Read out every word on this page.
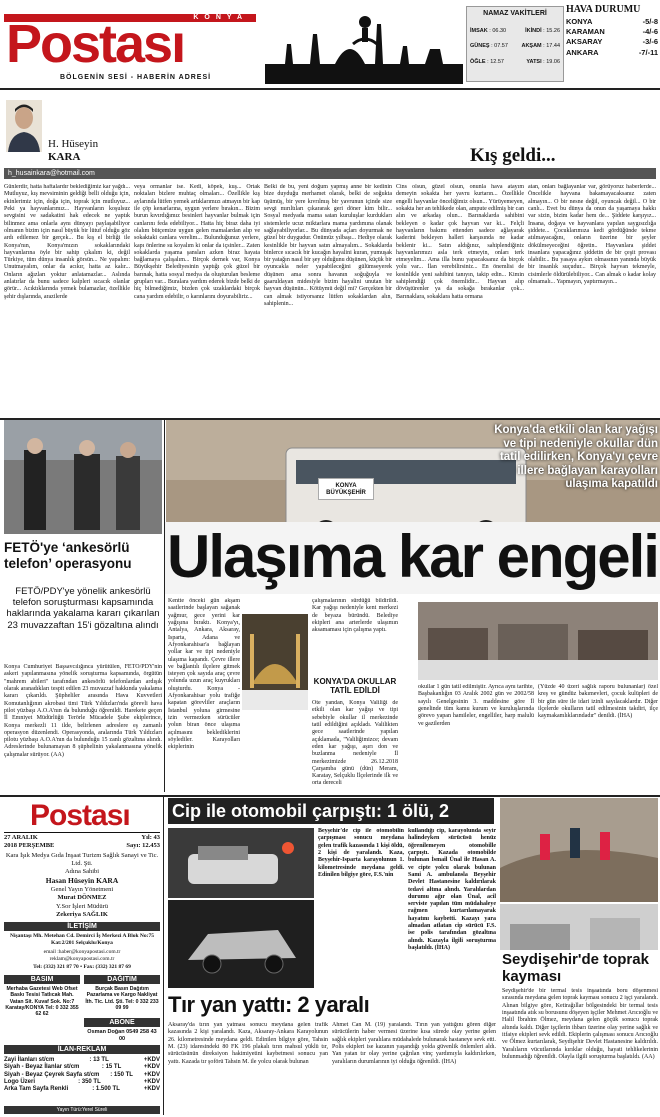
KONYA
Postası
BÖLGENİN SESİ - HABERİN ADRESİ
NAMAZ VAKİTLERİ
İMSAK : 06.30	İKİNDİ : 15.26
GÜNEŞ : 07.57 AKŞAM : 17.44
ÖĞLE : 12.57	YATSI : 19.06
HAVA DURUMU
KONYA	-5/-8
KARAMAN	-4/-6
AKSARAY	-3/-6
ANKARA	-7/-11
H. Hüseyin
KARA	Kış geldi...
h_husainkara@hotmail.com
Günlerdir, hatta haftalardır beklediğimiz kar yağdı... Mutluyuz, kış mevsiminin geldiği belli olduğu için, ekinlerimiz için, doğa için, toprak için mutluyuz... Peki ya hayvanlarımız... Hayvanların koşulsuz sevgisini ve sadakatini hak edecek ne yaptık bilinmez ama onlarla aynı dünyayı paylaşabiliyor olmanın bizim için nasıl büyük bir lütuf olduğu göz ardı edilemez bir gerçek... Bu kış el birliği ile Konya'nın, Konya'mızın sokaklarındaki hayvanlarına öyle bir sahip çıkalım ki, değil Türkiye, tüm dünya insanlık görsün... Ne yapalım: Unutmayalım, onlar da acıkır, hatta az kalır... Onların ağızları yoktur anlatamazlar... Aslında anlatırlar da bunu sadece kalpleri sıcacık olanlar görür... Acıktıklarında yemek bulamazlar, özellikle şehir dışlarında, arazilerde
veya ormanlar ise. Kedi, köpek, kuş... Ortak noktaları bizlere muhtaç olmaları... Özellikle kış aylarında lütfen yemek artıklarımızı atmayın bir kap ile çöp kenarlarına, uygun yerlere bırakın... Bizim burun kıvırdığımız besinleri hayvanlar bulmak için canlarını feda edebiliyor... Hatta hiç biraz daha iyi olalım bütçemize uygun gelen mamalardan alıp ve sokaktaki canlara verelim... Bulunduğunuz yerlere, kapı önlerine su koyalım ki onlar da içsinler... Zaten sokaklarda yaşama şansları azken biraz hayata bağlamaya çalışalım... Birçok dernek var, Konya Büyükşehir Belediyesinin yaptığı çok güzel bir barınak, hatta sosyal medya da oluşturulan besleme grupları var... Buralara yardım ederek bizde belki de hiç bilmediğimiz, bizden çok uzaklardaki birçok cana yardım edebilir, o karınlarını doyurabiliriz...
Belki de bu, yeni doğum yapmış anne bir kedinin bize duyduğu merhamet olarak, belki de soğukta üşümüş, bir yere kıvrılmış bir yavrunun içinde size sevgi mırıltıları çıkararak geri döner kim bilir... Sosyal medyada mama satan kuruluşlar kurdukları sistemlerle ucuz miktarlara mama yardımına olanak sağlayabiliyorlar... Bu dünyada açları doyurmak ne güzel bir duygudur. Önümüz yılbaşı... Hediye olarak kesinlikle bir hayvan satın almayalım... Sokaklarda binlerce sıcacık bir kucağın hayalini kuran, yumuşak bir yatağın nasıl bir şey olduğunu düşünen, küçük bir oyuncakla neler yapabileceğini gülümseyerek düşünen ama sonra havanın soğuğuyla ve gaaruldayan midesiyle bizim hayalini unutan bir hayvan düşünün... Kötüymü değil mi? Gerçekten bir can almak istiyorsanız lütfen sokaklardan alın, sahiplenin...
Cins olsun, güzel olsun, onunla hava atayım demeyin sokakta her yavru kurtarın... Özellikle engelli hayvanlar önceliğimiz olsun... Yürüyemeyen, sokakta her an tehlikede olan, ampute edilmiş bir can alın ve arkadaş olun... Barınaklarda sahibini bekleyen o kadar çok hayvan var ki... Felçli hayvanların bakımı ettenden sadece ağlayarak kaderini bekleyen halleri karşısında ne kadar beklenir ki... Satın aldığınız, sahiplendiğiniz hayvanlarımızı asla terk etmeyin, onları terk etmeyelim... Ama illa bunu yapacaksanız da birçok yolu var... İlan verebilirsiniz... En önemlisi de kesinlikle yeni sahibini tanıyın, takip edin... Kimin sahiplendiği çok önemlidir... Hayvan alıp dövüştürenler ya da sokağa bırakanlar çok... Barınaklara, sokaklara hatta ormana
atan, onları bağlayanlar var, görüyoruz haberlerde... Öncelikle hayvana bakamayacaksanız zaten almayın... O bir nesne değil, oyuncak değil... O bir canlı... Evet bu dünya da onun da yaşamaya hakkı var sizin, bizim kadar hem de... Şiddete karşıyız... İnsana, doğaya ve hayvanlara yapılan saygısızlığa şiddete... Çocuklarımıza kedi gördüğünde tekme atılmayacağını, onların üzerine bir şeyler dökülmeyeceğini öğretin.. Hayvanlara şiddet insanlara yapacağınız şiddetin de bir çeşit provası olabilir... Bu yasaya aykırı olmasının yanında büyük bir insanlık suçudur... Birçok hayvan tekmeyle, cisimlerle öldürülebiliyor... Can almak o kadar kolay olmamalı... Yapmayın, yaptırmayın...
FETÖ'ye ‘ankesörlü telefon’ operasyonu
FETÖ/PDY'ye yönelik ankesörlü telefon soruşturması kapsamında haklarında yakalama kararı çıkarılan 23 muvazzaftan 15'i gözaltına alındı
Konya Cumhuriyet Başsavcılığınca yürütülen, FETÖ/PDY'nin askeri yapılanmasına yönelik soruşturma kapsamında, örgütün "mahrem abileri" tarafından ankesörlü telefonlardan ardışık olarak aranadıkları tespit edilen 23 muvazzaf hakkında yakalama kararı çıkarıldı. Şüpheliler arasında Hava Kuvvetleri Komutanlığının akrobasi timi Türk Yıldızları'nda görevli hava pilot yüzbaşı A.O.A'nın da bulunduğu öğrenildi. Harekete geçen İl Emniyet Müdürlüğü Terörle Mücadele Şube ekiplerince, Konya merkezli 11 ilde, belirlenen adreslere eş zamanlı operasyon düzenlendi. Operasyonda, aralarında Türk Yıldızları pilotu yüzbaşı A.O.A'nın da bulunduğu 15 zanlı gözaltına alındı. Adreslerinde bulunamayan 8 şüphelinin yakalanmasına yönelik çalışmalar sürüyor. (AA)
KONYA BÜYÜKŞEHİR
Konya'da etkili olan kar yağışı ve tipi nedeniyle okullar dün tatil edilirken, Konya'yı çevre illere bağlayan karayolları ulaşıma kapatıldı
Ulaşıma kar engeli
Kentte önceki gün akşam saatlerinde başlayan sağanak yağmur, gece yerini kar yağışına bıraktı. Konya'yı, Antalya, Ankara, Aksaray, Isparta, Adana ve Afyonkarahisar'a bağlayan yollar kar ve tipi nedeniyle ulaşıma kapandı. Çevre illere ve bağlantılı ilçelere gitmek isteyen çok sayıda araç çevre yolunda uzun araç kuyrukları oluşturdu. Konya - Afyonkarahisar yolu trafiğe kapatan görevliler araçların İstanbul yoluna girmesine izin vermezken sürücüler yolun biran önce ulaşıma açılmasını beklediklerini söylediler. Karayolları ekiplerinin
çalışmalarının sürdüğü bildirildi. Kar yağışı nedeniyle kent merkezi de beyaza büründü. Belediye ekipleri ana arterlerde ulaşımın aksamaması için çalışma yaptı.
KONYA'DA OKULLAR TATİL EDİLDİ
Öte yandan, Konya Valiliği de etkili olan kar yağışı ve tipi sebebiyle okullar il merkezinde tatil edildiğini açıkladı. Valilikten gece saatlerinde yapılan açıklamada, "Valiliğimizce; devam eden kar yağışı, aşırı don ve buzlanma nedeniyle İl merkezimizde 26.12.2018 Çarşamba günü (dün) Meram, Karatay, Selçuklu İlçelerinde ilk ve orta dereceli
okullar 1 gün tatil edilmiştir. Ayrıca aynı tarihte, Başbakanlığın 03 Aralık 2002 gün ve 2002/58 sayılı Genelgesinin 3. maddesine göre İl genelinde tüm kamu kurum ve kuruluşlarında görevo yapan hamileler, engelliler, harp malulü ve gazilerden
(Yüzde 40 üzeri sağlık raporu bulunanlar) özel kreş ve gündüz bakımevleri, çocuk kulüpleri de bir gün süre ile idari izinli sayılacaklardır. Diğer ilçelerde okulların tatil edilmesinin takdiri, ilçe kaymakamlıklarındadır" denildi. (İHA)
Postası
27 ARALIK	Yıl: 43
2018 PERŞEMBE	Sayı: 12.453
Kara İşık Medya Gıda İnşaat Turizm Sağlık Sanayi ve Tic. Ltd. Şti.
Adına Sahibi
Hasan Hüseyin KARA
Genel Yayın Yönetmeni
Murat DÖNMEZ
Y.Sor İşleri Müdürü
Zekeriya SAĞLIK
İLETİŞİM
Nişantaşı Mh. Metehan Cd. Demirci İş Merkezi A Blok No:75 Kat:2/201 Selçuklu/Konya
email :haber@konyapostasi.com.tr
reklam@konyapostasi.com.tr
Tel: (332) 321 87 70 • Fax: (332) 321 87 69
BASIM	DAĞITIM
Merhaba Gazetesi Web Ofset Baskı Tesisi Tatlıcak Mah. Vatan Sit. Kuvaf Sok. No:7 Karatay/KONYA Tel: 0 332 355 62 62
Burçak Basın Dağıtım Pazarlama ve Kargo Nakliyat İth. Tic. Ltd. Şti. Tel: 0 332 233 09 99
ABONE
Osman Doğan 0549 258 43 00
İLAN-REKLAM
Zayi İlanları st/cm	: 13 TL	+KDV
Siyah - Beyaz İlanlar st/cm	: 15 TL	+KDV
Siyah - Beyaz Çeyrek Sayfa st/cm : 150 TL +KDV
Logo Üzeri	: 350 TL	+KDV
Arka Tam Sayfa Renkli	: 1.500 TL	+KDV
Yayın Türü:Yerel Süreli
Cip ile otomobil çarpıştı: 1 ölü, 2
Beyşehir'de cip ile otomobilin çarpışması sonucu meydana gelen trafik kazasında 1 kişi öldü, 2 kişi de yaralandı. Kaza, Beyşehir-Isparta karayolunun 1. kilometresinde meydana geldi. Edinilen bilgiye göre, F.S.'nin
kullandığı cip, karayolunda seyir halindeyken sürücüsü henüz öğrenilemeyen otomobille çarpıştı. Kazada otomobilde bulunan İsmail Ünal ile Hasan A. ve cipte yolcu olarak bulunan Sami A. ambulansla Beyşehir Devlet Hastanesine kaldırılarak tedavi altına alındı. Yaralılardan durumu ağır olan Ünal, acil serviste yapılan tüm müdahaleye rağmen kurtarılamayarak hayatını kaybetti. Kazayı yara almadan atlatan cip sürücü F.S. ise polis tarafından gözaltına alındı. Kazayla ilgili soruşturma başlatıldı. (İHA)
Tır yan yattı: 2 yaralı
Aksaray'da tırın yan yatması sonucu meydana gelen trafik kazasında 2 kişi yaralandı. Kaza, Aksaray-Ankara Karayolunun 26. kilometresinde meydana geldi. Edinilen bilgiye göre, Tahsin M. (23) idaresindeki 80 FK 196 plakalı tırın mahsul yüklü tır, sürücüsünün direksiyon hakimiyetini kaybetmesi sonucu yan yattı. Kazada tır şoförü Tahsin M. ile yolcu olarak bulunan
Ahmet Can M. (19) yaralandı. Tırın yan yattığını gören diğer sürücülerin haber vermesi üzerine kısa sürede olay yerine gelen sağlık ekipleri yaralılara müdahalede bulunarak hastaneye sevk etti. Polis ekipleri ise kazanın yaşandığı yolda güvenlik önlemleri aldı. Yan yatan tır olay yerine çağrılan vinç yardımıyla kaldırılırken, yaralıların durumlarının iyi olduğu öğrenildi. (İHA)
Seydişehir'de toprak kayması
Seydişehir'de bir termal tesis inşaatında boru döşenmesi sırasında meydana gelen toprak kayması sonucu 2 işçi yaralandı. Alınan bilgiye göre, Ketirağıllar bölgesindeki bir termal tesis inşaatında atık su borusunu döşeyen işçiler Mehmet Arıcıoğlu ve Halil İbrahim Ölmez, meydana gelen göçük sonucu toprak altında kaldı. Diğer işçilerin ihbarı üzerine olay yerine sağlık ve itfaiye ekipleri sevk edildi. Ekiplerin çalışması sonucu Arıcıoğlu ve Ölmez kurtarılarak, Seydişehir Devlet Hastanesine kaldırıldı. Yaralıların vücutlarında kırıklar olduğu, hayati tehlikelerinin bulunmadığı öğrenildi. Olayla ilgili soruşturma başlatıldı. (AA)
